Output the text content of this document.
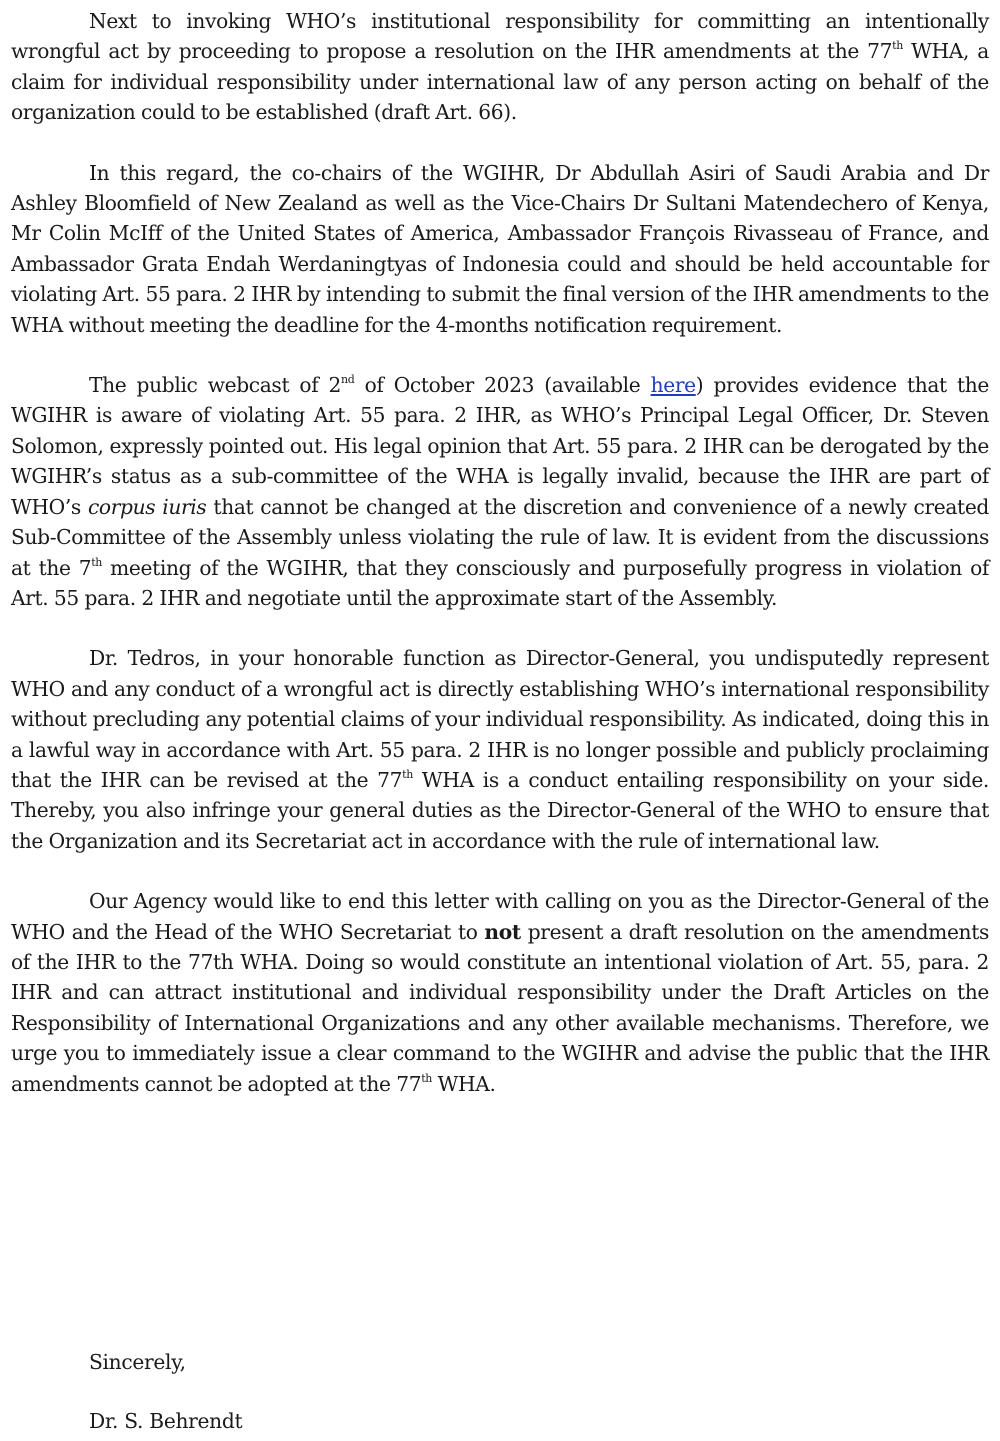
Next to invoking WHO’s institutional responsibility for committing an intentionally wrongful act by proceeding to propose a resolution on the IHR amendments at the 77th WHA, a claim for individual responsibility under international law of any person acting on behalf of the organization could to be established (draft Art. 66).

In this regard, the co-chairs of the WGIHR, Dr Abdullah Asiri of Saudi Arabia and Dr Ashley Bloomfield of New Zealand as well as the Vice-Chairs Dr Sultani Matendechero of Kenya, Mr Colin McIff of the United States of America, Ambassador François Rivasseau of France, and Ambassador Grata Endah Werdaningtyas of Indonesia could and should be held accountable for violating Art. 55 para. 2 IHR by intending to submit the final version of the IHR amendments to the WHA without meeting the deadline for the 4-months notification requirement.

The public webcast of 2nd of October 2023 (available here) provides evidence that the WGIHR is aware of violating Art. 55 para. 2 IHR, as WHO’s Principal Legal Officer, Dr. Steven Solomon, expressly pointed out. His legal opinion that Art. 55 para. 2 IHR can be derogated by the WGIHR’s status as a sub-committee of the WHA is legally invalid, because the IHR are part of WHO’s corpus iuris that cannot be changed at the discretion and convenience of a newly created Sub-Committee of the Assembly unless violating the rule of law. It is evident from the discussions at the 7th meeting of the WGIHR, that they consciously and purposefully progress in violation of Art. 55 para. 2 IHR and negotiate until the approximate start of the Assembly.

Dr. Tedros, in your honorable function as Director-General, you undisputedly represent WHO and any conduct of a wrongful act is directly establishing WHO’s international responsibility without precluding any potential claims of your individual responsibility. As indicated, doing this in a lawful way in accordance with Art. 55 para. 2 IHR is no longer possible and publicly proclaiming that the IHR can be revised at the 77th WHA is a conduct entailing responsibility on your side. Thereby, you also infringe your general duties as the Director-General of the WHO to ensure that the Organization and its Secretariat act in accordance with the rule of international law.

Our Agency would like to end this letter with calling on you as the Director-General of the WHO and the Head of the WHO Secretariat to not present a draft resolution on the amendments of the IHR to the 77th WHA. Doing so would constitute an intentional violation of Art. 55, para. 2 IHR and can attract institutional and individual responsibility under the Draft Articles on the Responsibility of International Organizations and any other available mechanisms. Therefore, we urge you to immediately issue a clear command to the WGIHR and advise the public that the IHR amendments cannot be adopted at the 77th WHA.

Sincerely,

Dr. S. Behrendt
